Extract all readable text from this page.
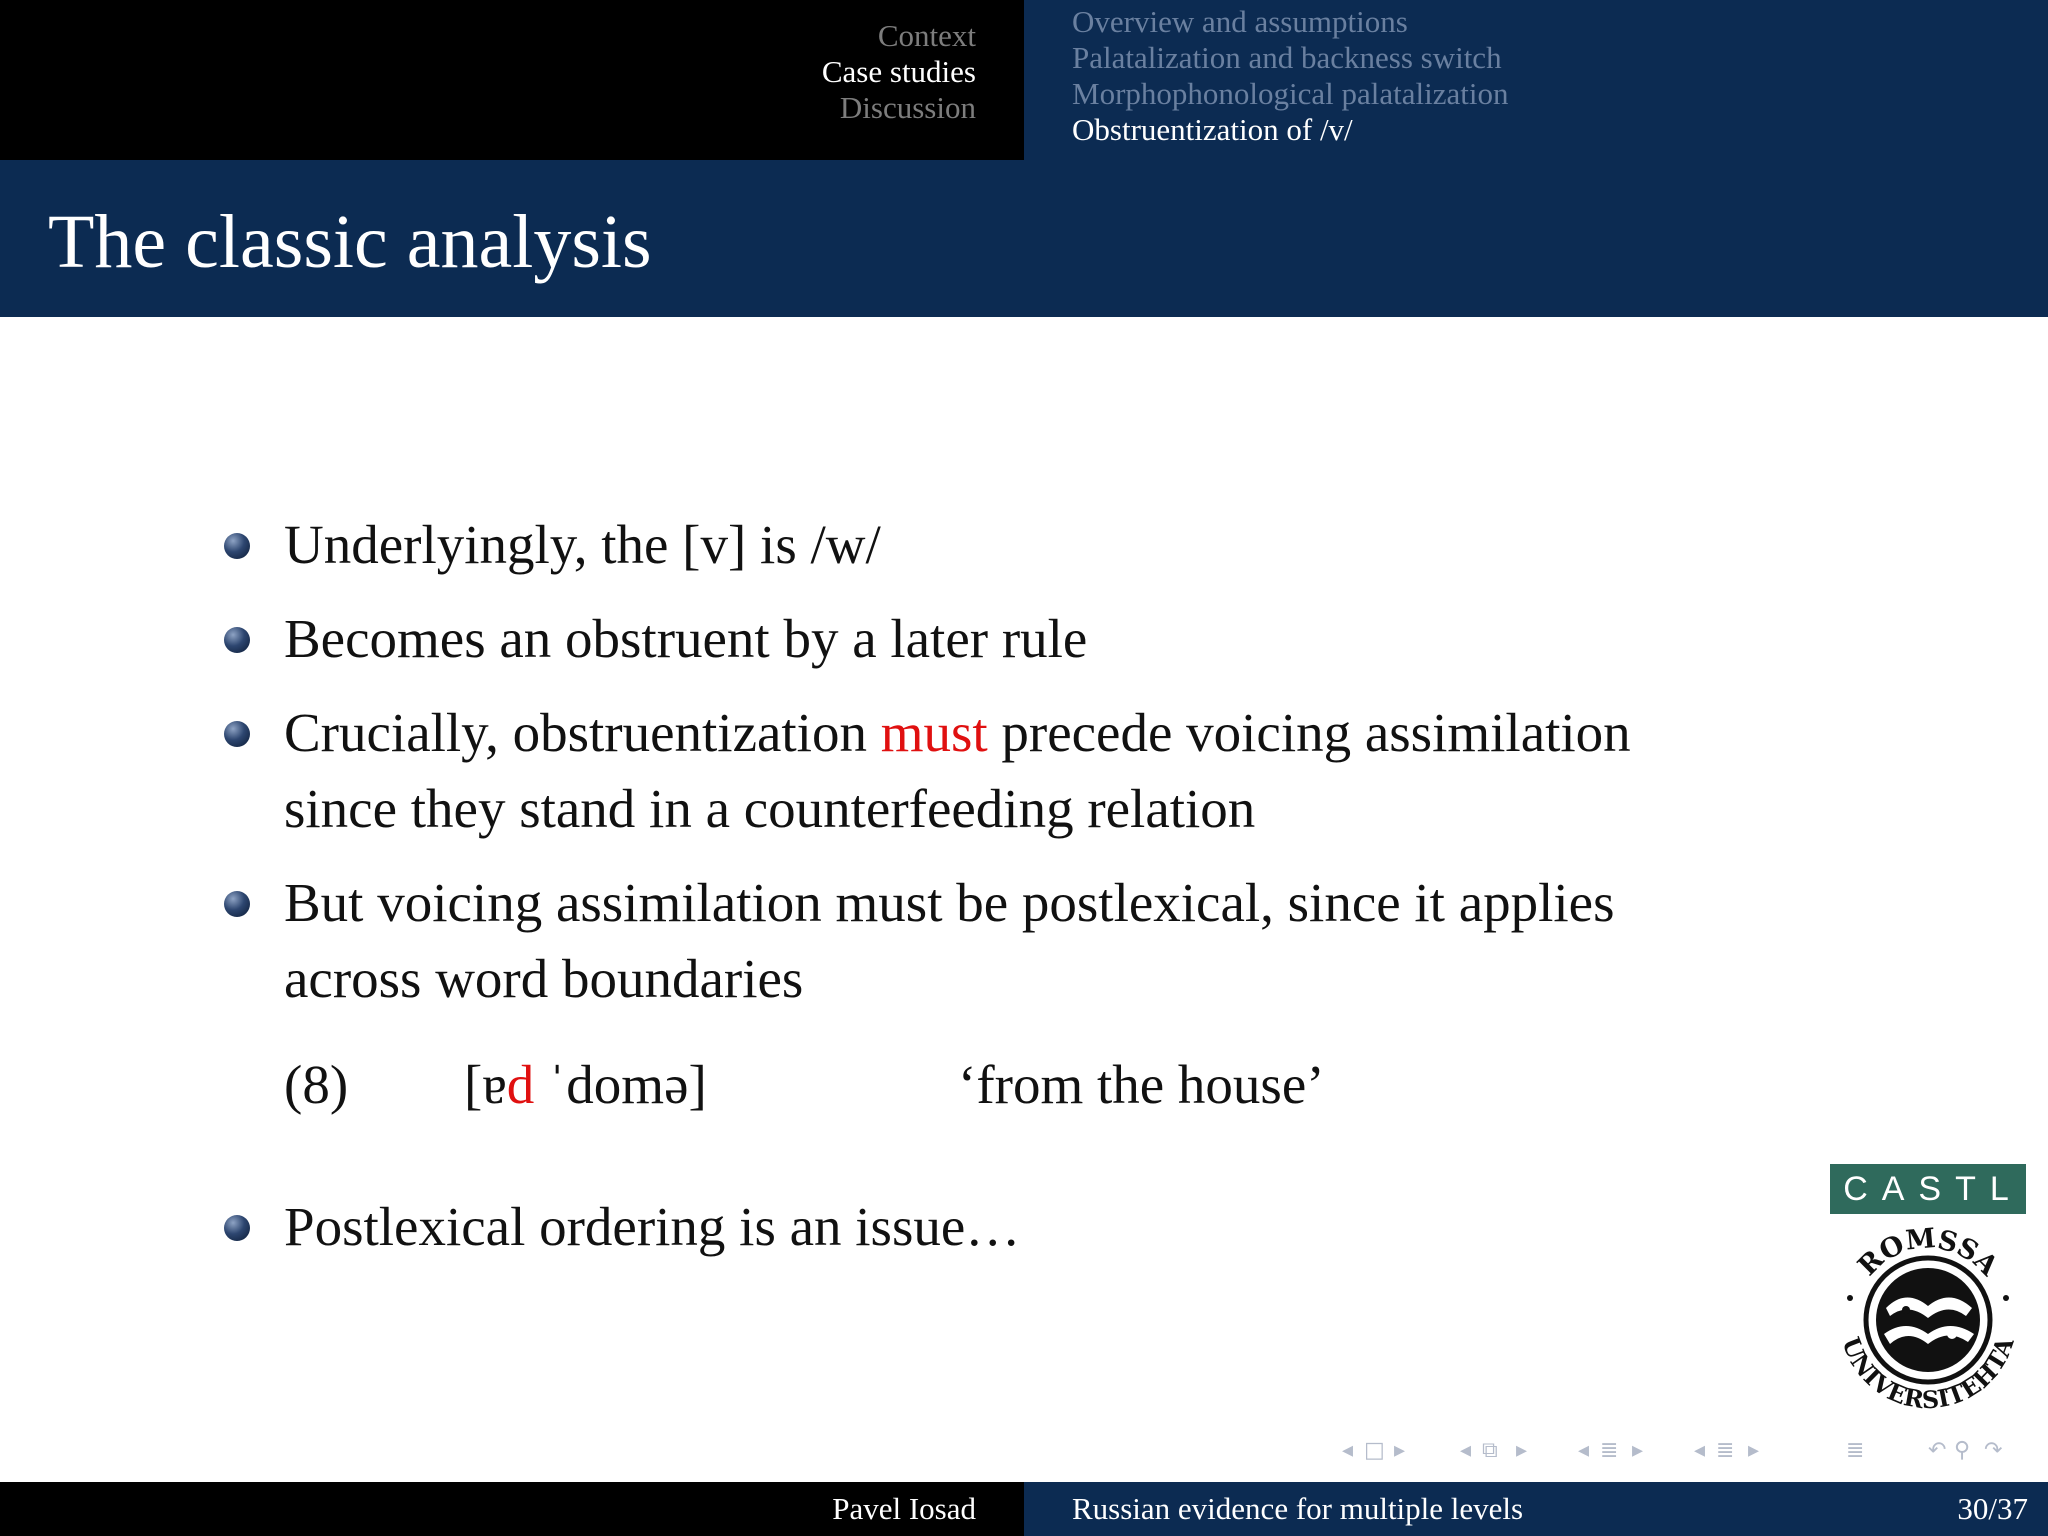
Context
Case studies
Discussion
Overview and assumptions
Palatalization and backness switch
Morphophonological palatalization
Obstruentization of /v/
The classic analysis
Underlyingly, the [v] is /w/
Becomes an obstruent by a later rule
Crucially, obstruentization must precede voicing assimilation
since they stand in a counterfeeding relation
But voicing assimilation must be postlexical, since it applies
across word boundaries
(8) [ɐd ˈdomə]	‘from the house’
Postlexical ordering is an issue…
CASTL
ROMSSA
UNIVERSITEHTA
◂ □ ▸ ◂ ⧉ ▸ ◂ ≣ ▸ ◂ ≣ ▸	≣	↶ ⚲ ↷
Pavel Iosad	Russian evidence for multiple levels	30/37
